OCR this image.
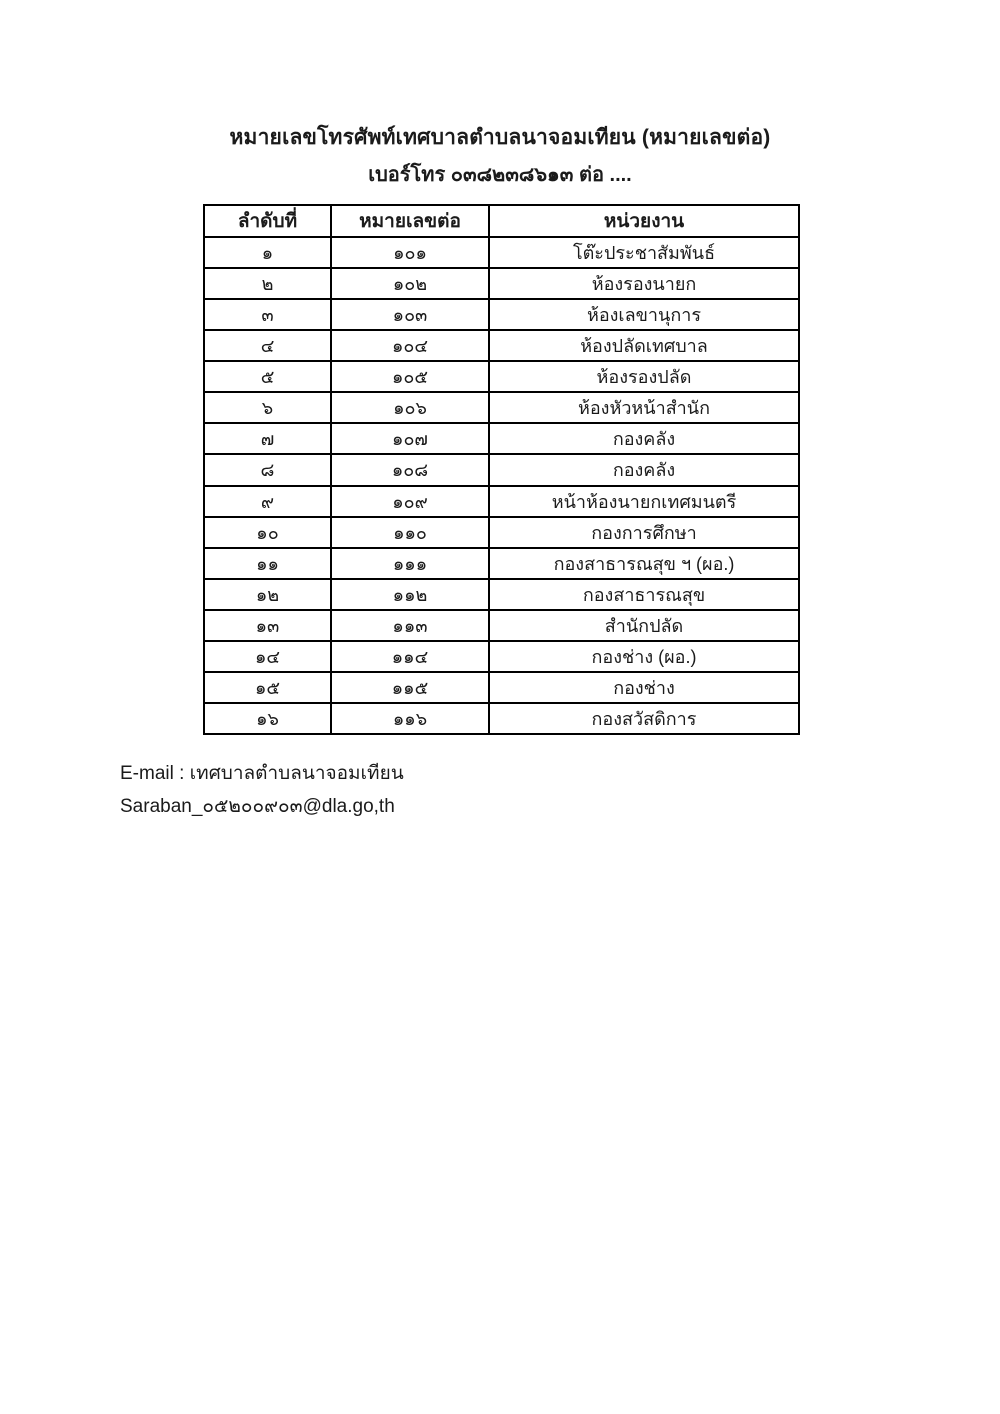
หมายเลขโทรศัพท์เทศบาลตำบลนาจอมเทียน (หมายเลขต่อ)
เบอร์โทร ๐๓๘๒๓๘๖๑๓ ต่อ ....
ลำดับที่	หมายเลขต่อ	หน่วยงาน
๑	๑๐๑	โต๊ะประชาสัมพันธ์
๒	๑๐๒	ห้องรองนายก
๓	๑๐๓	ห้องเลขานุการ
๔	๑๐๔	ห้องปลัดเทศบาล
๕	๑๐๕	ห้องรองปลัด
๖	๑๐๖	ห้องหัวหน้าสำนัก
๗	๑๐๗	กองคลัง
๘	๑๐๘	กองคลัง
๙	๑๐๙	หน้าห้องนายกเทศมนตรี
๑๐	๑๑๐	กองการศึกษา
๑๑	๑๑๑	กองสาธารณสุข ฯ (ผอ.)
๑๒	๑๑๒	กองสาธารณสุข
๑๓	๑๑๓	สำนักปลัด
๑๔	๑๑๔	กองช่าง (ผอ.)
๑๕	๑๑๕	กองช่าง
๑๖	๑๑๖	กองสวัสดิการ
E-mail : เทศบาลตำบลนาจอมเทียน
Saraban_๐๕๒๐๐๙๐๓@dla.go,th
